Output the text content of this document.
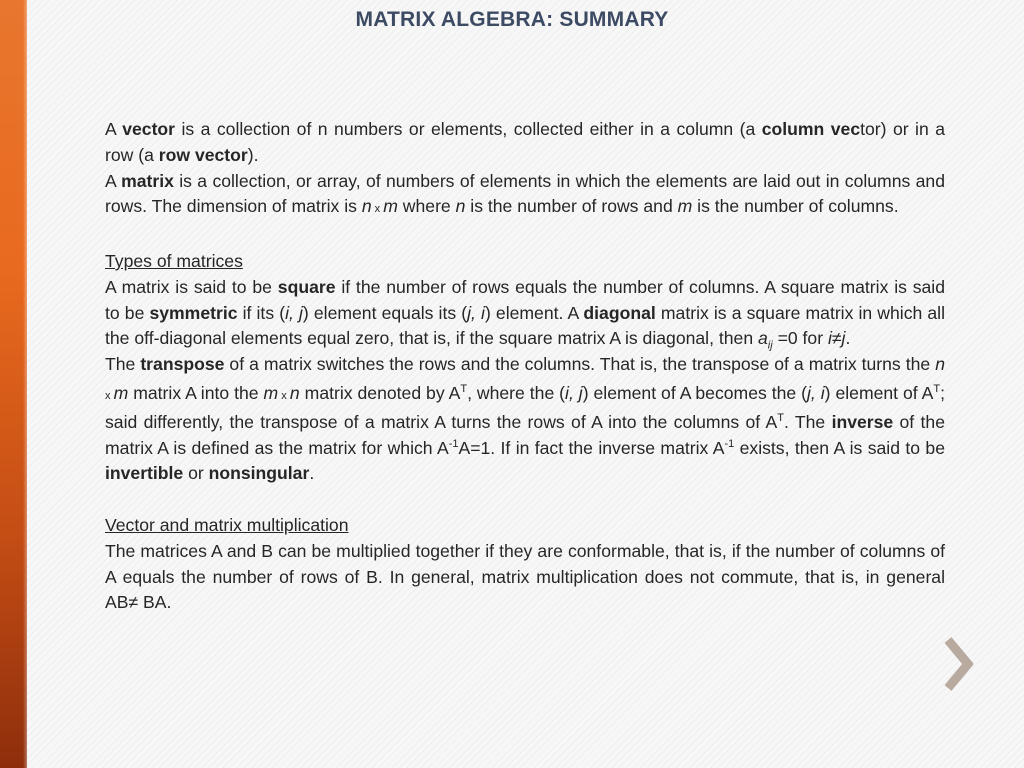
MATRIX ALGEBRA: SUMMARY

A vector is a collection of n numbers or elements, collected either in a column (a column vector) or in a row (a row vector).

A matrix is a collection, or array, of numbers of elements in which the elements are laid out in columns and rows. The dimension of matrix is n x m where n is the number of rows and m is the number of columns.

Types of matrices

A matrix is said to be square if the number of rows equals the number of columns. A square matrix is said to be symmetric if its (i, j) element equals its (j, i) element. A diagonal matrix is a square matrix in which all the off-diagonal elements equal zero, that is, if the square matrix A is diagonal, then $a_{ij} =0$ for i≠j.

The transpose of a matrix switches the rows and the columns. That is, the transpose of a matrix turns the n x m matrix A into the m x n matrix denoted by $A^T$, where the (i, j) element of A becomes the (j, i) element of $A^T$; said differently, the transpose of a matrix A turns the rows of A into the columns of $A^T$. The inverse of the matrix A is defined as the matrix for which $A^{-1}A=1$. If in fact the inverse matrix $A^{-1}$ exists, then A is said to be invertible or nonsingular.

Vector and matrix multiplication

The matrices A and B can be multiplied together if they are conformable, that is, if the number of columns of A equals the number of rows of B. In general, matrix multiplication does not commute, that is, in general AB≠ BA.
